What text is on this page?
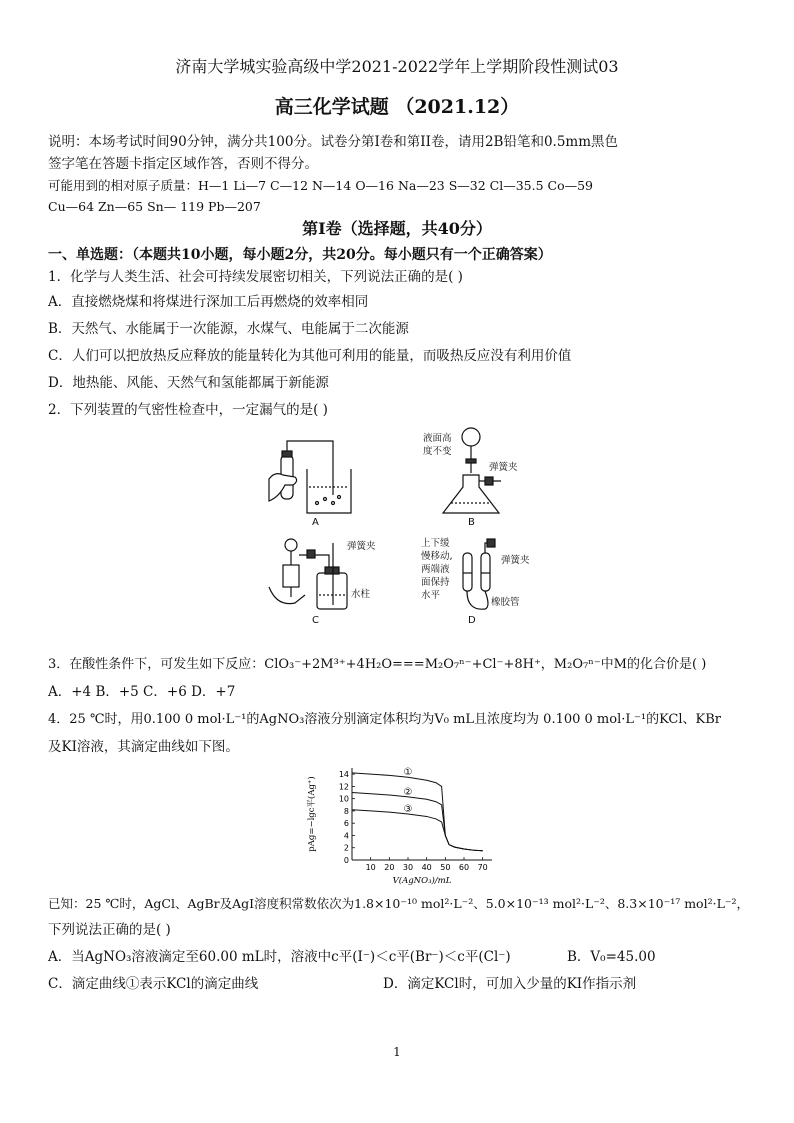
济南大学城实验高级中学2021-2022学年上学期阶段性测试03
高三化学试题 （2021.12）
说明：本场考试时间90分钟，满分共100分。试卷分第I卷和第II卷，请用2B铅笔和0.5mm黑色
签字笔在答题卡指定区域作答，否则不得分。
可能用到的相对原子质量：H—1 Li—7 C—12 N—14 O—16 Na—23 S—32 Cl—35.5 Co—59
Cu—64 Zn—65 Sn— 119 Pb—207
第I卷（选择题，共40分）
一、单选题：（本题共10小题，每小题2分，共20分。每小题只有一个正确答案）
1．化学与人类生活、社会可持续发展密切相关，下列说法正确的是( )
A．直接燃烧煤和将煤进行深加工后再燃烧的效率相同
B．天然气、水能属于一次能源，水煤气、电能属于二次能源
C．人们可以把放热反应释放的能量转化为其他可利用的能量，而吸热反应没有利用价值
D．地热能、风能、天然气和氢能都属于新能源
2．下列装置的气密性检查中，一定漏气的是( )
A
液面高
度不变
弹簧夹
B
弹簧夹
水柱
C
上下缓
慢移动,
两端液
面保持
水平
弹簧夹
橡胶管
D
3．在酸性条件下，可发生如下反应：ClO₃⁻+2M³⁺+4H₂O===M₂O₇ⁿ⁻+Cl⁻+8H⁺，M₂O₇ⁿ⁻中M的化合价是( )
A．+4 B．+5 C．+6 D．+7
4．25 ℃时，用0.100 0 mol·L⁻¹的AgNO₃溶液分别滴定体积均为V₀ mL且浓度均为 0.100 0 mol·L⁻¹的KCl、KBr
及KI溶液，其滴定曲线如下图。
10 20 30 40 50 60 70
0
2
4
6
8
10
12
14
V(AgNO₃)/mL
pAg=−lgc平(Ag⁺)
①
②
③
已知：25 ℃时，AgCl、AgBr及AgI溶度积常数依次为1.8×10⁻¹⁰ mol²·L⁻²、5.0×10⁻¹³ mol²·L⁻²、8.3×10⁻¹⁷ mol²·L⁻²，
下列说法正确的是( )
A．当AgNO₃溶液滴定至60.00 mL时，溶液中c平(I⁻)＜c平(Br⁻)＜c平(Cl⁻)	B．V₀=45.00
C．滴定曲线①表示KCl的滴定曲线	D．滴定KCl时，可加入少量的KI作指示剂
1
